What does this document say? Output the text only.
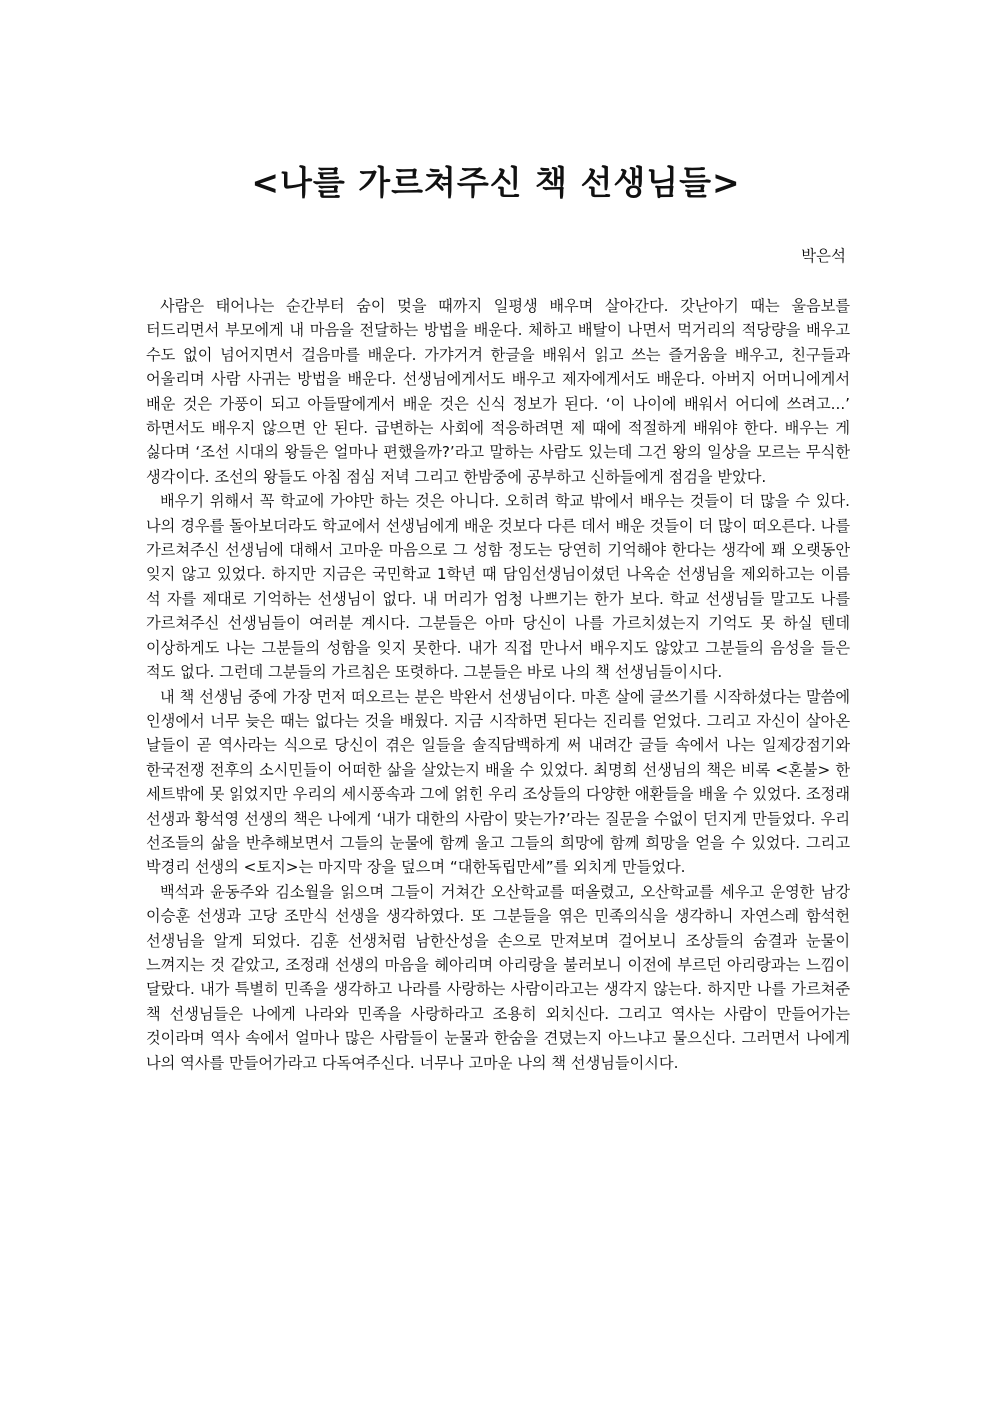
<나를 가르쳐주신 책 선생님들>

박은석

사람은 태어나는 순간부터 숨이 멎을 때까지 일평생 배우며 살아간다. 갓난아기 때는 울음보를 터드리면서 부모에게 내 마음을 전달하는 방법을 배운다. 체하고 배탈이 나면서 먹거리의 적당량을 배우고 수도 없이 넘어지면서 걸음마를 배운다. 가갸거겨 한글을 배워서 읽고 쓰는 즐거움을 배우고, 친구들과 어울리며 사람 사귀는 방법을 배운다. 선생님에게서도 배우고 제자에게서도 배운다. 아버지 어머니에게서 배운 것은 가풍이 되고 아들딸에게서 배운 것은 신식 정보가 된다. ‘이 나이에 배워서 어디에 쓰려고...’ 하면서도 배우지 않으면 안 된다. 급변하는 사회에 적응하려면 제 때에 적절하게 배워야 한다. 배우는 게 싫다며 ‘조선 시대의 왕들은 얼마나 편했을까?’라고 말하는 사람도 있는데 그건 왕의 일상을 모르는 무식한 생각이다. 조선의 왕들도 아침 점심 저녁 그리고 한밤중에 공부하고 신하들에게 점검을 받았다.

배우기 위해서 꼭 학교에 가야만 하는 것은 아니다. 오히려 학교 밖에서 배우는 것들이 더 많을 수 있다. 나의 경우를 돌아보더라도 학교에서 선생님에게 배운 것보다 다른 데서 배운 것들이 더 많이 떠오른다. 나를 가르쳐주신 선생님에 대해서 고마운 마음으로 그 성함 정도는 당연히 기억해야 한다는 생각에 꽤 오랫동안 잊지 않고 있었다. 하지만 지금은 국민학교 1학년 때 담임선생님이셨던 나옥순 선생님을 제외하고는 이름 석 자를 제대로 기억하는 선생님이 없다. 내 머리가 엄청 나쁘기는 한가 보다. 학교 선생님들 말고도 나를 가르쳐주신 선생님들이 여러분 계시다. 그분들은 아마 당신이 나를 가르치셨는지 기억도 못 하실 텐데 이상하게도 나는 그분들의 성함을 잊지 못한다. 내가 직접 만나서 배우지도 않았고 그분들의 음성을 들은 적도 없다. 그런데 그분들의 가르침은 또렷하다. 그분들은 바로 나의 책 선생님들이시다.

내 책 선생님 중에 가장 먼저 떠오르는 분은 박완서 선생님이다. 마흔 살에 글쓰기를 시작하셨다는 말씀에 인생에서 너무 늦은 때는 없다는 것을 배웠다. 지금 시작하면 된다는 진리를 얻었다. 그리고 자신이 살아온 날들이 곧 역사라는 식으로 당신이 겪은 일들을 솔직담백하게 써 내려간 글들 속에서 나는 일제강점기와 한국전쟁 전후의 소시민들이 어떠한 삶을 살았는지 배울 수 있었다. 최명희 선생님의 책은 비록 <혼불> 한 세트밖에 못 읽었지만 우리의 세시풍속과 그에 얽힌 우리 조상들의 다양한 애환들을 배울 수 있었다. 조정래 선생과 황석영 선생의 책은 나에게 ‘내가 대한의 사람이 맞는가?’라는 질문을 수없이 던지게 만들었다. 우리 선조들의 삶을 반추해보면서 그들의 눈물에 함께 울고 그들의 희망에 함께 희망을 얻을 수 있었다. 그리고 박경리 선생의 <토지>는 마지막 장을 덮으며 “대한독립만세”를 외치게 만들었다.

백석과 윤동주와 김소월을 읽으며 그들이 거쳐간 오산학교를 떠올렸고, 오산학교를 세우고 운영한 남강 이승훈 선생과 고당 조만식 선생을 생각하였다. 또 그분들을 엮은 민족의식을 생각하니 자연스레 함석헌 선생님을 알게 되었다. 김훈 선생처럼 남한산성을 손으로 만져보며 걸어보니 조상들의 숨결과 눈물이 느껴지는 것 같았고, 조정래 선생의 마음을 헤아리며 아리랑을 불러보니 이전에 부르던 아리랑과는 느낌이 달랐다. 내가 특별히 민족을 생각하고 나라를 사랑하는 사람이라고는 생각지 않는다. 하지만 나를 가르쳐준 책 선생님들은 나에게 나라와 민족을 사랑하라고 조용히 외치신다. 그리고 역사는 사람이 만들어가는 것이라며 역사 속에서 얼마나 많은 사람들이 눈물과 한숨을 견뎠는지 아느냐고 물으신다. 그러면서 나에게 나의 역사를 만들어가라고 다독여주신다. 너무나 고마운 나의 책 선생님들이시다.
